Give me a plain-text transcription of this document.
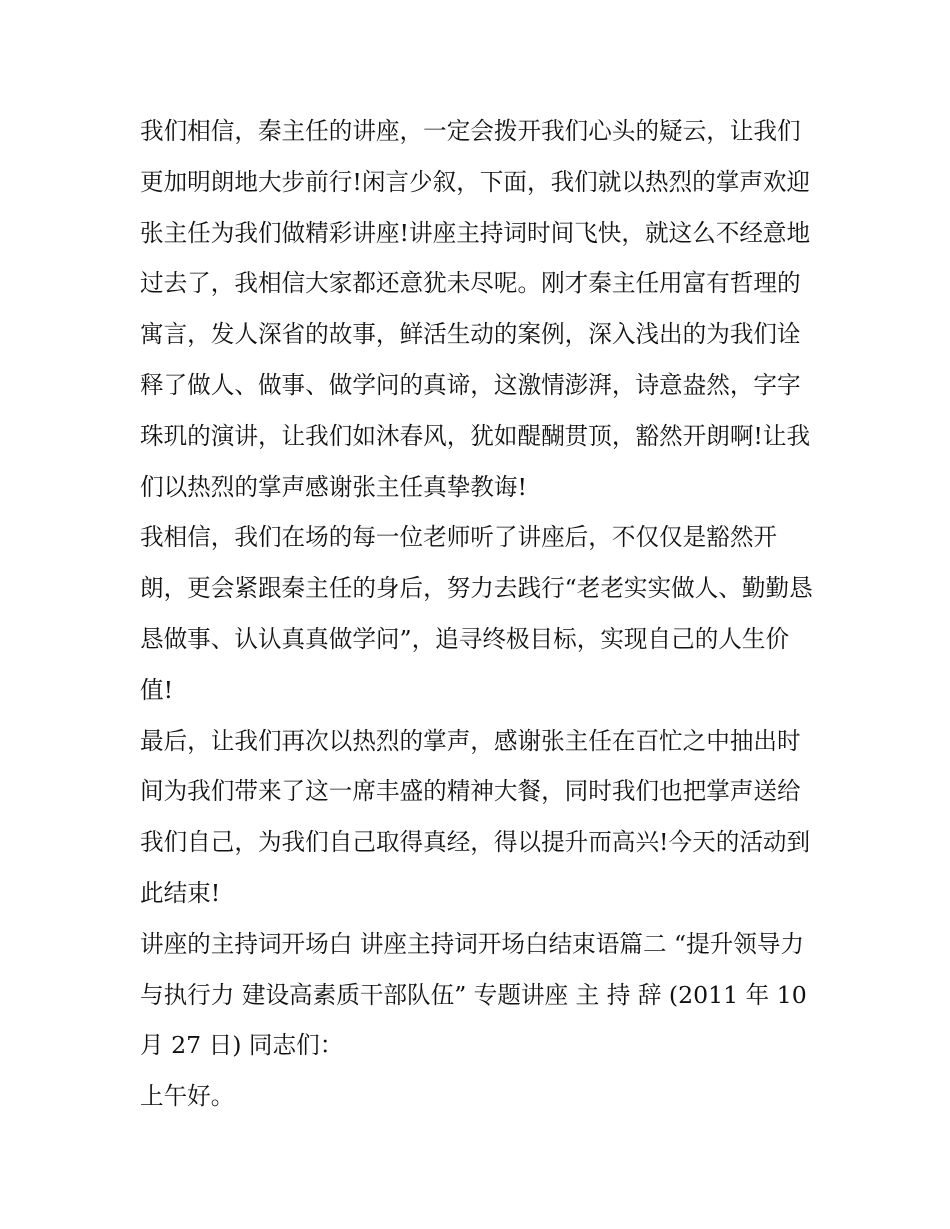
我们相信，秦主任的讲座，一定会拨开我们心头的疑云，让我们更加明朗地大步前行!闲言少叙，下面，我们就以热烈的掌声欢迎张主任为我们做精彩讲座!讲座主持词时间飞快，就这么不经意地过去了，我相信大家都还意犹未尽呢。刚才秦主任用富有哲理的寓言，发人深省的故事，鲜活生动的案例，深入浅出的为我们诠释了做人、做事、做学问的真谛，这激情澎湃，诗意盎然，字字珠玑的演讲，让我们如沐春风，犹如醍醐贯顶，豁然开朗啊!让我们以热烈的掌声感谢张主任真挚教诲!

我相信，我们在场的每一位老师听了讲座后，不仅仅是豁然开朗，更会紧跟秦主任的身后，努力去践行“老老实实做人、勤勤恳恳做事、认认真真做学问”，追寻终极目标，实现自己的人生价值!

最后，让我们再次以热烈的掌声，感谢张主任在百忙之中抽出时间为我们带来了这一席丰盛的精神大餐，同时我们也把掌声送给我们自己，为我们自己取得真经，得以提升而高兴!今天的活动到此结束!

讲座的主持词开场白 讲座主持词开场白结束语篇二 “提升领导力与执行力 建设高素质干部队伍” 专题讲座 主 持 辞 (2011 年 10 月 27 日) 同志们：

上午好。
